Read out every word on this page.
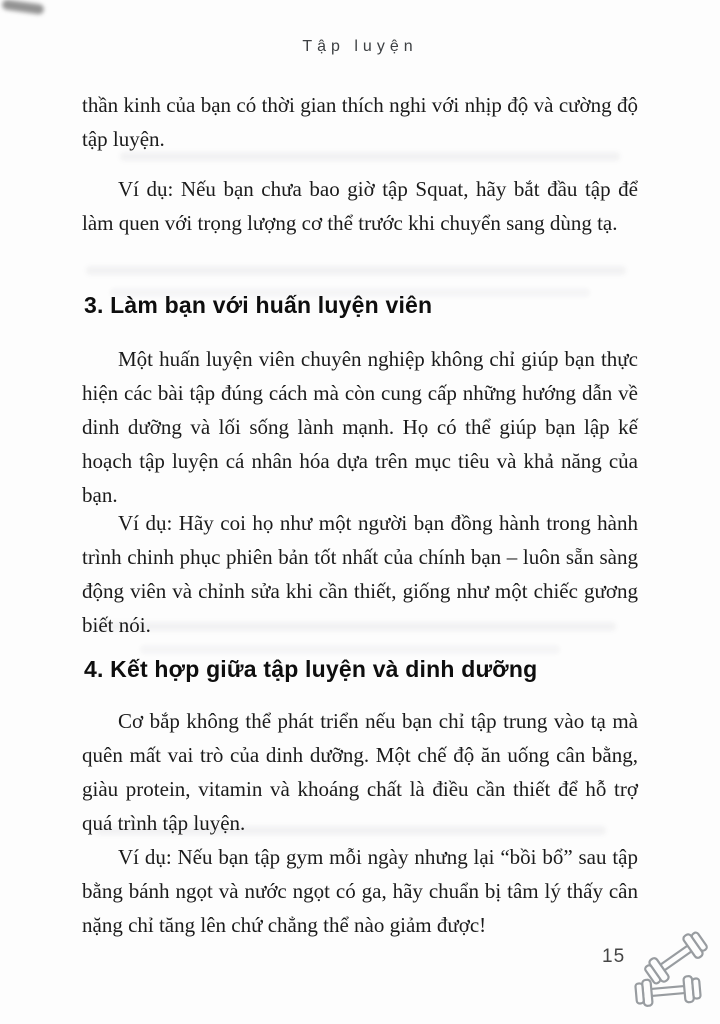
Tập luyện

thần kinh của bạn có thời gian thích nghi với nhịp độ và cường độ tập luyện.

Ví dụ: Nếu bạn chưa bao giờ tập Squat, hãy bắt đầu tập để làm quen với trọng lượng cơ thể trước khi chuyển sang dùng tạ.

3. Làm bạn với huấn luyện viên

Một huấn luyện viên chuyên nghiệp không chỉ giúp bạn thực hiện các bài tập đúng cách mà còn cung cấp những hướng dẫn về dinh dưỡng và lối sống lành mạnh. Họ có thể giúp bạn lập kế hoạch tập luyện cá nhân hóa dựa trên mục tiêu và khả năng của bạn.

Ví dụ: Hãy coi họ như một người bạn đồng hành trong hành trình chinh phục phiên bản tốt nhất của chính bạn – luôn sẵn sàng động viên và chỉnh sửa khi cần thiết, giống như một chiếc gương biết nói.

4. Kết hợp giữa tập luyện và dinh dưỡng

Cơ bắp không thể phát triển nếu bạn chỉ tập trung vào tạ mà quên mất vai trò của dinh dưỡng. Một chế độ ăn uống cân bằng, giàu protein, vitamin và khoáng chất là điều cần thiết để hỗ trợ quá trình tập luyện.

Ví dụ: Nếu bạn tập gym mỗi ngày nhưng lại “bồi bổ” sau tập bằng bánh ngọt và nước ngọt có ga, hãy chuẩn bị tâm lý thấy cân nặng chỉ tăng lên chứ chẳng thể nào giảm được!

15
